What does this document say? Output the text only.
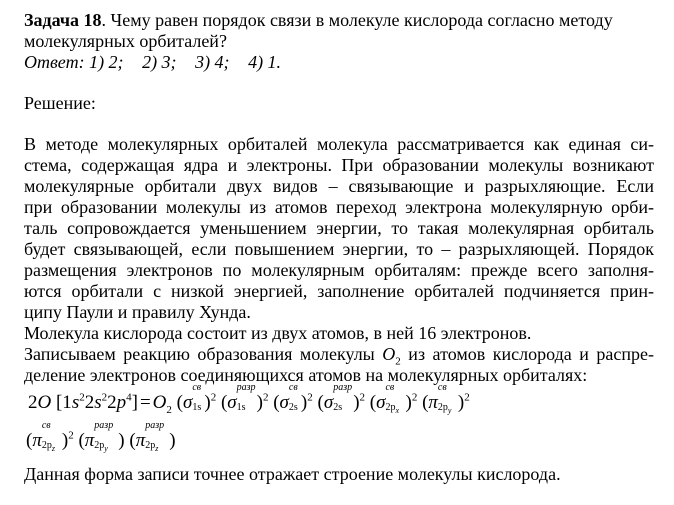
Задача 18. Чему равен порядок связи в молекуле кислорода согласно методу
молекулярных орбиталей?
Ответ: 1) 2; 2) 3; 3) 4; 4) 1.
Решение:
В методе молекулярных орбиталей молекула рассматривается как единая си-
стема, содержащая ядра и электроны. При образовании молекулы возникают
молекулярные орбитали двух видов – связывающие и разрыхляющие. Если
при образовании молекулы из атомов переход электрона молекулярную орби-
таль сопровождается уменьшением энергии, то такая молекулярная орбиталь
будет связывающей, если повышением энергии, то – разрыхляющей. Порядок
размещения электронов по молекулярным орбиталям: прежде всего заполня-
ются орбитали с низкой энергией, заполнение орбиталей подчиняется прин-
ципу Паули и правилу Хунда.
Молекула кислорода состоит из двух атомов, в ней 16 электронов.
Записываем реакцию образования молекулы $O_2$ из атомов кислорода и распре-
деление электронов соединяющихся атомов на молекулярных орбиталях:
2O $[1s^22s^22p^4] = O_2$ (σ
св
1s )$^2$ (σ
разр
1s )$^2$ (σ
св
2s )$^2$ (σ
разр
2s )$^2$ (σ
св
$2p_x$ )$^2$ (π
св
$2p_y$ )$^2$
(π
св
$2p_z$ )$^2$ (π
разр
$2p_y$ ) (π
разр
$2p_z$ )
Данная форма записи точнее отражает строение молекулы кислорода.
